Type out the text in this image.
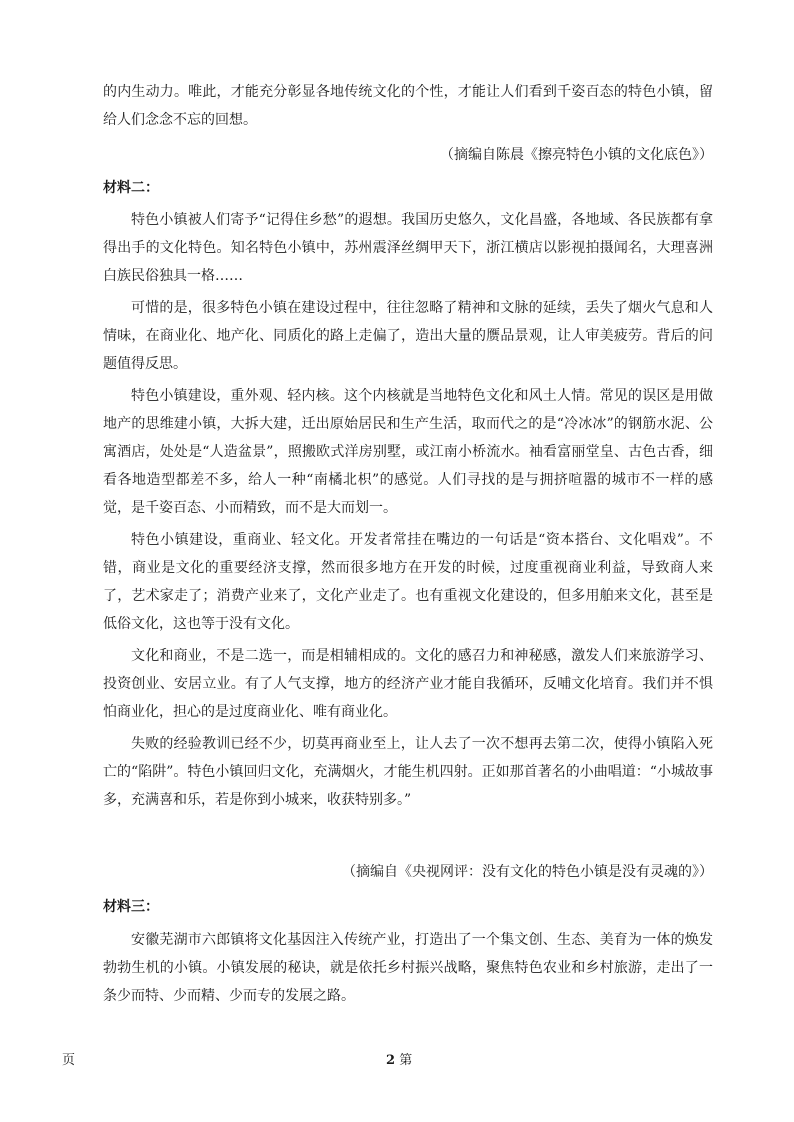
的内生动力。唯此，才能充分彰显各地传统文化的个性，才能让人们看到千姿百态的特色小镇，留给人们念念不忘的回想。

（摘编自陈晨《擦亮特色小镇的文化底色》）
材料二：

特色小镇被人们寄予“记得住乡愁”的遐想。我国历史悠久，文化昌盛，各地域、各民族都有拿得出手的文化特色。知名特色小镇中，苏州震泽丝绸甲天下，浙江横店以影视拍摄闻名，大理喜洲白族民俗独具一格……

可惜的是，很多特色小镇在建设过程中，往往忽略了精神和文脉的延续，丢失了烟火气息和人情味，在商业化、地产化、同质化的路上走偏了，造出大量的赝品景观，让人审美疲劳。背后的问题值得反思。

特色小镇建设，重外观、轻内核。这个内核就是当地特色文化和风土人情。常见的误区是用做地产的思维建小镇，大拆大建，迁出原始居民和生产生活，取而代之的是“冷冰冰”的钢筋水泥、公寓酒店，处处是“人造盆景”，照搬欧式洋房别墅，或江南小桥流水。袖看富丽堂皇、古色古香，细看各地造型都差不多，给人一种“南橘北枳”的感觉。人们寻找的是与拥挤喧嚣的城市不一样的感觉，是千姿百态、小而精致，而不是大而划一。

特色小镇建设，重商业、轻文化。开发者常挂在嘴边的一句话是“资本搭台、文化唱戏”。不错，商业是文化的重要经济支撑，然而很多地方在开发的时候，过度重视商业利益，导致商人来了，艺术家走了；消费产业来了，文化产业走了。也有重视文化建设的，但多用舶来文化，甚至是低俗文化，这也等于没有文化。

文化和商业，不是二选一，而是相辅相成的。文化的感召力和神秘感，激发人们来旅游学习、投资创业、安居立业。有了人气支撑，地方的经济产业才能自我循环，反哺文化培育。我们并不惧怕商业化，担心的是过度商业化、唯有商业化。

失败的经验教训已经不少，切莫再商业至上，让人去了一次不想再去第二次，使得小镇陷入死亡的“陷阱”。特色小镇回归文化，充满烟火，才能生机四射。正如那首著名的小曲唱道：“小城故事多，充满喜和乐，若是你到小城来，收获特别多。”

（摘编自《央视网评：没有文化的特色小镇是没有灵魂的》）
材料三：

安徽芜湖市六郎镇将文化基因注入传统产业，打造出了一个集文创、生态、美育为一体的焕发勃勃生机的小镇。小镇发展的秘诀，就是依托乡村振兴战略，聚焦特色农业和乡村旅游，走出了一条少而特、少而精、少而专的发展之路。

页	2 第
